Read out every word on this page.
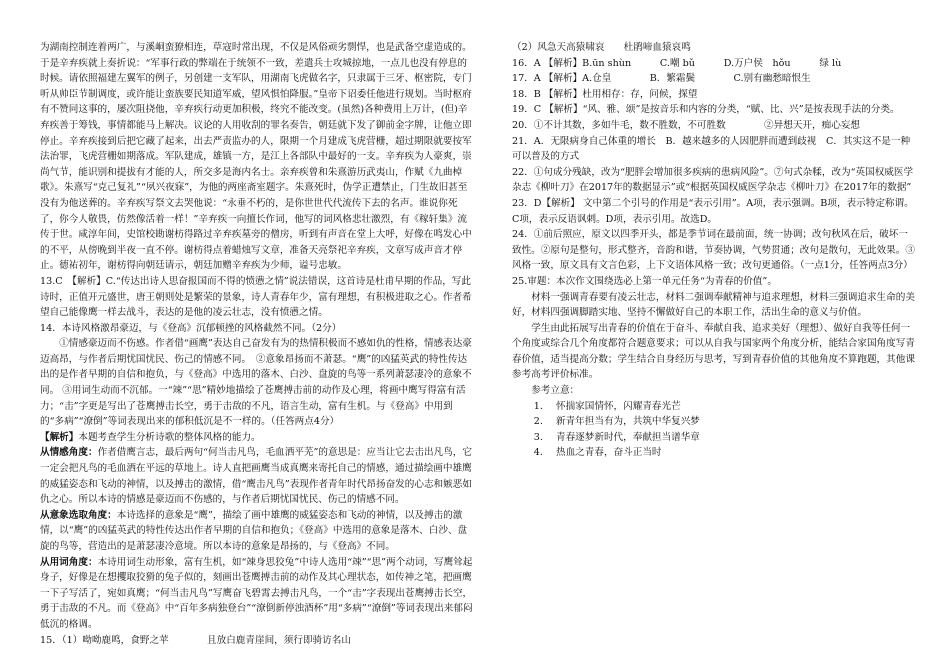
为湖南控制连着两广，与溪峒蛮獠相连，草寇时常出现，不仅是风俗顽劣剽悍，也是武备空虚造成的。于是辛弃疾就上奏折说：“军事行政的弊端在于统领不一致，差遣兵士攻城掠地，一点儿也没有停息的时候。请依照福建左翼军的例子，另创建一支军队，用湖南飞虎做名字，只隶属于三牙、枢密院，专门听从帅臣节制调度，或许能让蛮族要民知道军威，望风惧怕降服。”皇帝下诏委任他进行规划。当时枢府有不赞同这事的，屡次阻挠他，辛弃疾行动更加积极，终究不能改变。(虽然)各种费用上万计，(但)辛弃疾善于筹钱，事情都能马上解决。议论的人用收刮的罪名奏告，朝廷就下发了御前金字牌，让他立即停止。辛弃疾接到后把它藏了起来，出去严责监办的人，限期一个月建成飞虎营栅，超过期限就要按军法治罪，飞虎营栅如期落成。军队建成，雄镇一方，是江上各部队中最好的一支。辛弃疾为人豪爽，崇尚气节，能识别和提拔有才能的人，所交多是海内名士。亲弃疾曾和朱熹游历武夷山，作赋《九曲棹歌》。朱熹写“克己复礼”“夙兴夜寐”，为他的两座斋室题字。朱熹死时，伪学正遭禁止，门生故旧甚至没有为他送葬的。辛弃疾写祭文去哭他说：“永垂不朽的，是你世世代代流传下去的名声。谁说你死了，你今人敬畏，仿然像活着一样！”辛弃疾一向擅长作词，他写的词风格悲壮激烈，有《稼轩集》流传于世。咸淳年间，史馆校勘谢枋得路过辛弃疾墓旁的僧房，听到有声音在堂上大呼，好像在鸣发心中的不平，从傍晚到半夜一直不停。谢枋得点着蜡烛写文章，准备天亮祭祀辛弃疾，文章写成声音才停止。德祐初年，谢枋得向朝廷请示，朝廷加赠辛弃疾为少师，谥号忠敏。

13.C　【解析】C.“传达出诗人思奋报国而不得的愤懑之情”说法错误，这首诗是杜甫早期的作品，写此诗时，正值开元盛世，唐王朝则处是繁荣的景象，诗人青春年少，富有理想，有积极进取之心。作者希望自己能像鹰一样去战斗，表达的是他的凌云壮志，没有愤懑之情。

14．本诗风格激昂豪迈，与《登高》沉郁顿挫的风格截然不同。（2分）

①情感豪迈而不伤感。作者借“画鹰”表达自己奋发有为的热情积极而不感如仇的性格，情感表达豪迈高昂，与作者后期忧国忧民、伤己的情感不同。　②意象昂扬而不萧瑟。“鹰”的凶猛英武的特性传达出的是作者早期的自信和抱负，与《登高》中选用的落木、白沙、盘旋的鸟等一系列萧瑟凄冷的意象不同。 ③用词生动而不沉郁。一“竦”“思”精妙地描绘了苍鹰搏击前的动作及心理，将画中鹰写得富有活力；“击”字更是写出了苍鹰搏击长空，勇于击敌的不凡，语言生动，富有生机。与《登高》中用到的“多病”“潦倒”等词表现出来的郁积低沉是不一样的。（任答两点4分）

【解析】本题考查学生分析诗歌的整体风格的能力。

从情感角度：作者借鹰言志，最后两句“何当击凡鸟，毛血洒平芜”的意思是：应当让它去击出凡鸟，它一定会把凡鸟的毛血洒在平远的草地上。诗人直把画鹰当成真鹰来寄托自己的情感，通过描绘画中雄鹰的威猛姿态和飞动的神情，以及搏击的激情，借“鹰击凡鸟”表现作者青年时代昂扬奋发的心志和嫉恶如仇之心。所以本诗的情感是豪迈而不伤感的，与作者后期忧国忧民、伤己的情感不同。

从意象选取角度：本诗选择的意象是“鹰”，描绘了画中雄鹰的威猛姿态和飞动的神情，以及搏击的激情，以“鹰”的凶猛英武的特性传达出作者早期的自信和抱负；《登高》中选用的意象是落木、白沙、盘旋的鸟等，营造出的是萧瑟凄冷意境。所以本诗的意象是昂扬的，与《登高》不同。

从用词角度：本诗用词生动形象，富有生机，如“竦身思狡兔”中诗人选用“竦”“思”两个动词，写鹰耸起身子，好像是在想攫取狡猾的兔子似的，刻画出苍鹰搏击前的动作及其心理状态，如传神之笔，把画鹰一下子写活了，宛如真鹰；“何当击凡鸟”写鹰奋飞碧霄去搏击凡鸟，一个“击”字表现出苍鹰搏击长空，勇于击敌的不凡。而《登高》中“百年多病独登台”“潦倒新停浊酒杯”用“多病”“潦倒”等词表现出来郁闷低沉的格调。

15．（1）呦呦鹿鸣，食野之苹　　　　且放白鹿青崖间，须行即骑访名山

（2）风急天高猿啸哀　　杜鹃啼血猿哀鸣

16．A 【解析】B.ūn shùn　　　C.嘲 bǔ　　　D.万户侯　hǒu　　　绿 lù

17．A 【解析】A.仓皇　　　　B．繁霜鬓　　　　C.别有幽愁暗恨生

18．B 【解析】杜用相存：存，问候，探望

19．C 【解析】“风、雅、颂”是按音乐和内容的分类，“赋、比、兴”是按表现手法的分类。

20．①不计其数，多如牛毛，数不胜数，不可胜数　　　　②异想天开，痴心妄想

21．A．无限病身自己体重的增长　B．越来越多的人因肥胖而遭到歧视　C．其实这不是一种可以普及的方式

22．①句成分残缺，改为“肥胖会增加很多疾病的患病风险”。⑦句式杂糅，改为“英国权威医学杂志《柳叶刀》在2017年的数据显示”或“根据英国权威医学杂志《柳叶刀》在2017年的数据”

23．D【解析】 文中第二个引号的作用是“表示引用”。A项，表示强调。B项，表示特定称谓。C项，表示反语讽刺。D项，表示引用。故选D。

24．①前后照应，原文以四季开头，都是季节词在最前面，统一协调；改句秋风在后，破坏一致性。②原句是整句，形式整齐，音韵和谐，节奏协调，气势贯通；改句是散句，无此效果。③风格一致，原文具有文言色彩，上下文语体风格一致；改句更通俗。（一点1分，任答两点3分）

25.审题：本次作文围绕选必上第一单元任务“为青春的价值”。

材料一强调青春要有凌云壮志，材料二强调奉献精神与追求理想，材料三强调追求生命的美好，材料四强调脚踏实地、坚持不懈做好自己的本职工作，活出生命的意义与价值。

学生由此拓展写出青春的价值在于奋斗、奉献自我、追求美好（理想）、做好自我等任何一个角度或综合几个角度都符合题意要求；可以从自我与国家两个角度分析，能结合家国角度写青春价值，适当提高分数；学生结合自身经历与思考，写到青春价值的其他角度不算跑题，其他课参考高考评价标准。

参考立意：

1. 怀揣家国情怀，闪耀青春光芒
2. 新青年担当有为，共筑中华复兴梦
3. 青春逐梦新时代，奉献担当谱华章
4. 热血之青春，奋斗正当时
